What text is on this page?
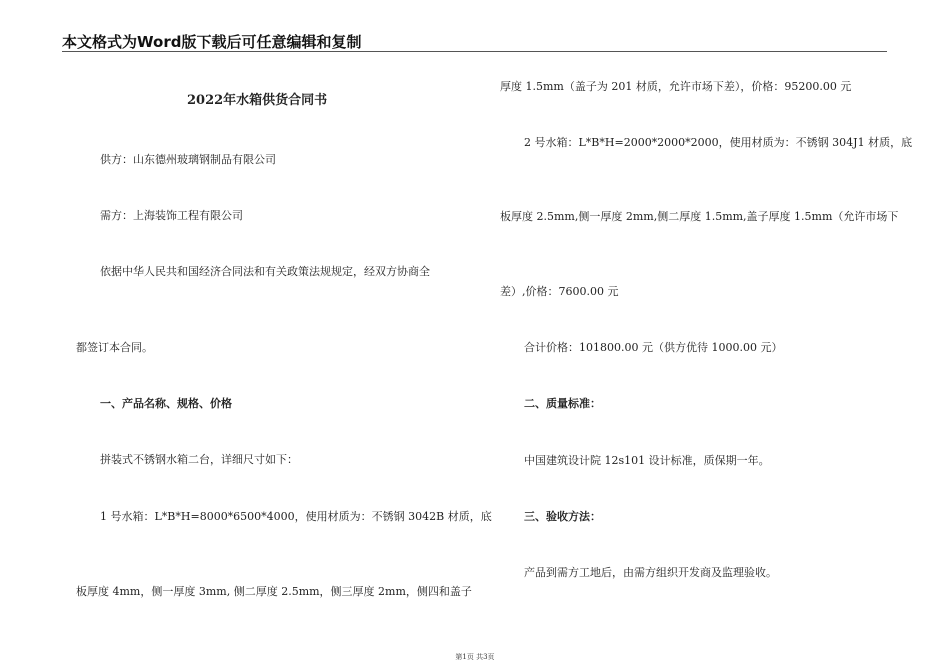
本文格式为Word版下载后可任意编辑和复制
2022年水箱供货合同书
供方：山东德州玻璃钢制品有限公司
需方：上海装饰工程有限公司
依据中华人民共和国经济合同法和有关政策法规规定，经双方协商全
都签订本合同。
一、产品名称、规格、价格
拼装式不锈钢水箱二台，详细尺寸如下：
1 号水箱：L*B*H=8000*6500*4000，使用材质为：不锈钢 3042B 材质，底
板厚度 4mm，侧一厚度 3mm, 侧二厚度 2.5mm，侧三厚度 2mm，侧四和盖子
厚度 1.5mm（盖子为 201 材质，允许市场下差），价格：95200.00 元
2 号水箱：L*B*H=2000*2000*2000，使用材质为：不锈钢 304J1 材质，底
板厚度 2.5mm,侧一厚度 2mm,侧二厚度 1.5mm,盖子厚度 1.5mm（允许市场下
差）,价格：7600.00 元
合计价格：101800.00 元（供方优待 1000.00 元）
二、质量标准：
中国建筑设计院 12s101 设计标准，质保期一年。
三、验收方法：
产品到需方工地后，由需方组织开发商及监理验收。
第1页 共3页
